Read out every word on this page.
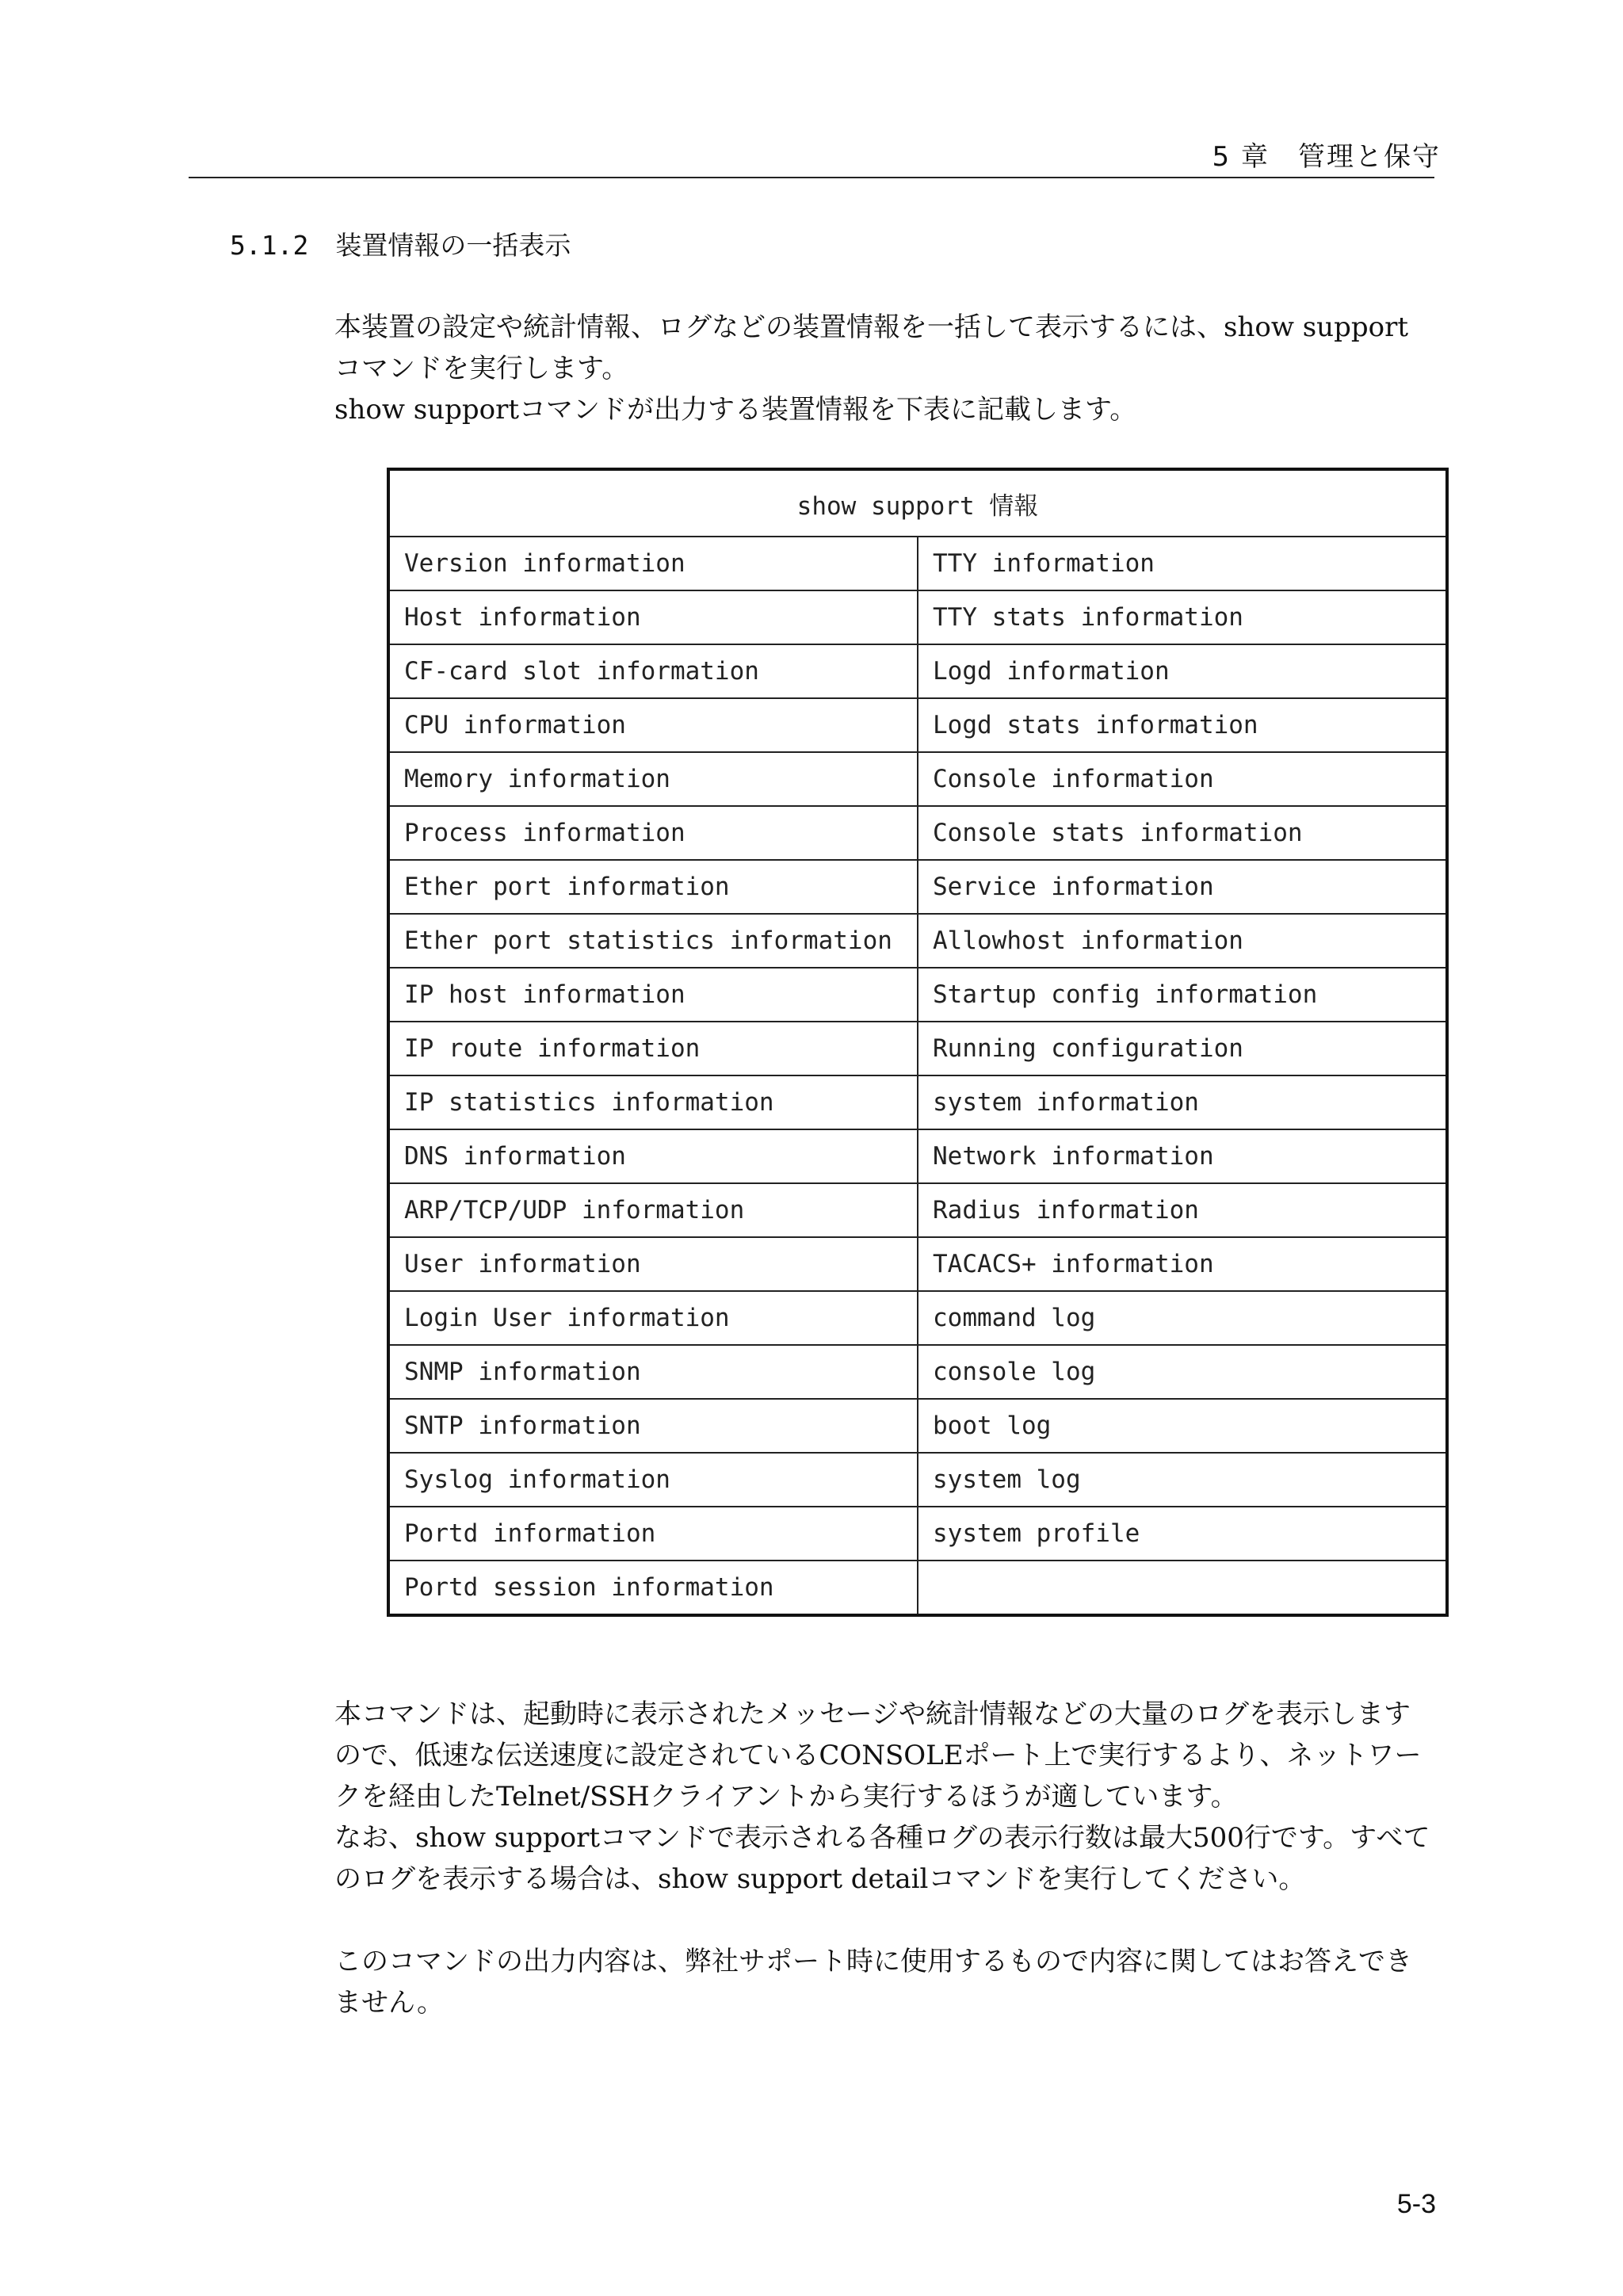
5 章　管理と保守
5.1.2 装置情報の一括表示

本装置の設定や統計情報、ログなどの装置情報を一括して表示するには、show support コマンドを実行します。

show supportコマンドが出力する装置情報を下表に記載します。

show support 情報	
Version information	TTY information
Host information	TTY stats information
CF-card slot information	Logd information
CPU information	Logd stats information
Memory information	Console information
Process information	Console stats information
Ether port information	Service information
Ether port statistics information	Allowhost information
IP host information	Startup config information
IP route information	Running configuration
IP statistics information	system information
DNS information	Network information
ARP/TCP/UDP information	Radius information
User information	TACACS+ information
Login User information	command log
SNMP information	console log
SNTP information	boot log
Syslog information	system log
Portd information	system profile
Portd session information	

本コマンドは、起動時に表示されたメッセージや統計情報などの大量のログを表示しますので、低速な伝送速度に設定されているCONSOLEポート上で実行するより、ネットワークを経由したTelnet/SSHクライアントから実行するほうが適しています。

なお、show supportコマンドで表示される各種ログの表示行数は最大500行です。すべてのログを表示する場合は、show support detailコマンドを実行してください。

このコマンドの出力内容は、弊社サポート時に使用するもので内容に関してはお答えできません。

5-3
